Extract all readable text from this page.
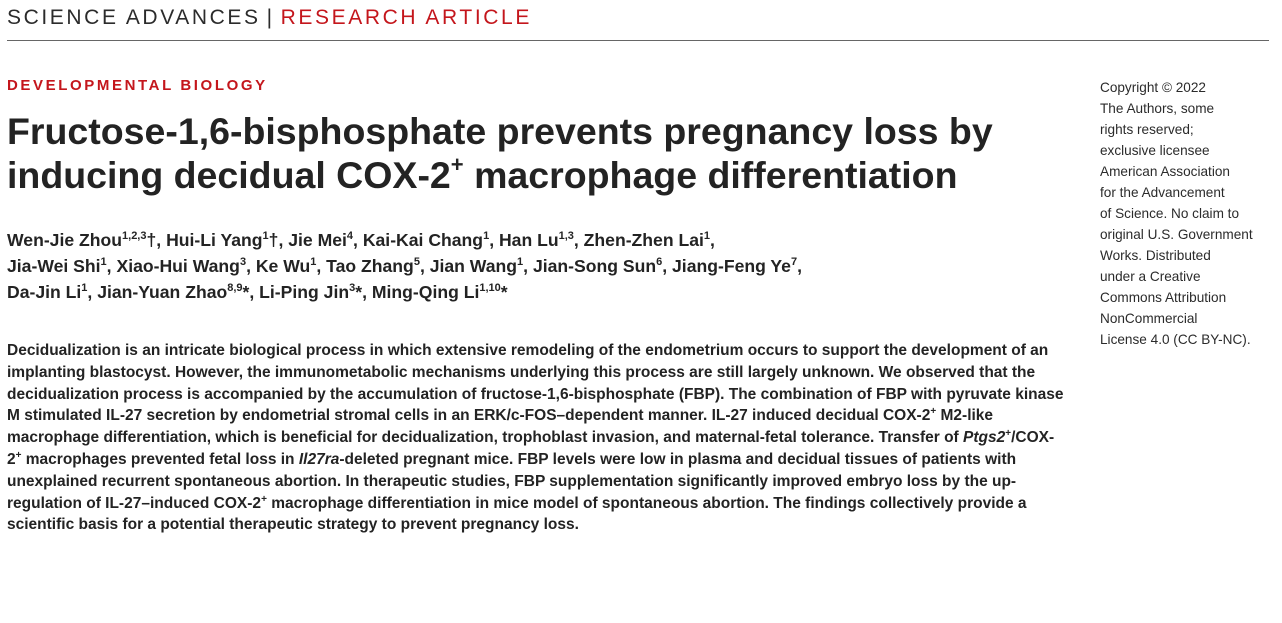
SCIENCE ADVANCES | RESEARCH ARTICLE
DEVELOPMENTAL BIOLOGY
Fructose-1,6-bisphosphate prevents pregnancy loss by inducing decidual COX-2+ macrophage differentiation

Wen-Jie Zhou$^{1,2,3}$†, Hui-Li Yang$^1$†, Jie Mei$^4$, Kai-Kai Chang$^1$, Han Lu$^{1,3}$, Zhen-Zhen Lai$^1$,
Jia-Wei Shi$^1$, Xiao-Hui Wang$^3$, Ke Wu$^1$, Tao Zhang$^5$, Jian Wang$^1$, Jian-Song Sun$^6$, Jiang-Feng Ye$^7$,
Da-Jin Li$^1$, Jian-Yuan Zhao$^{8,9}$*, Li-Ping Jin$^3$*, Ming-Qing Li$^{1,10}$*

Decidualization is an intricate biological process in which extensive remodeling of the endometrium occurs to support the development of an implanting blastocyst. However, the immunometabolic mechanisms underlying this process are still largely unknown. We observed that the decidualization process is accompanied by the accumulation of fructose-1,6-bisphosphate (FBP). The combination of FBP with pyruvate kinase M stimulated IL-27 secretion by endometrial stromal cells in an ERK/c-FOS–dependent manner. IL-27 induced decidual COX-2+ M2-like macrophage differentiation, which is beneficial for decidualization, trophoblast invasion, and maternal-fetal tolerance. Transfer of Ptgs2+/COX-2+ macrophages prevented fetal loss in Il27ra-deleted pregnant mice. FBP levels were low in plasma and decidual tissues of patients with unexplained recurrent spontaneous abortion. In therapeutic studies, FBP supplementation significantly improved embryo loss by the up-regulation of IL-27–induced COX-2+ macrophage differentiation in mice model of spontaneous abortion. The findings collectively provide a scientific basis for a potential therapeutic strategy to prevent pregnancy loss.

Copyright © 2022
The Authors, some
rights reserved;
exclusive licensee
American Association
for the Advancement
of Science. No claim to
original U.S. Government
Works. Distributed
under a Creative
Commons Attribution
NonCommercial
License 4.0 (CC BY-NC).
